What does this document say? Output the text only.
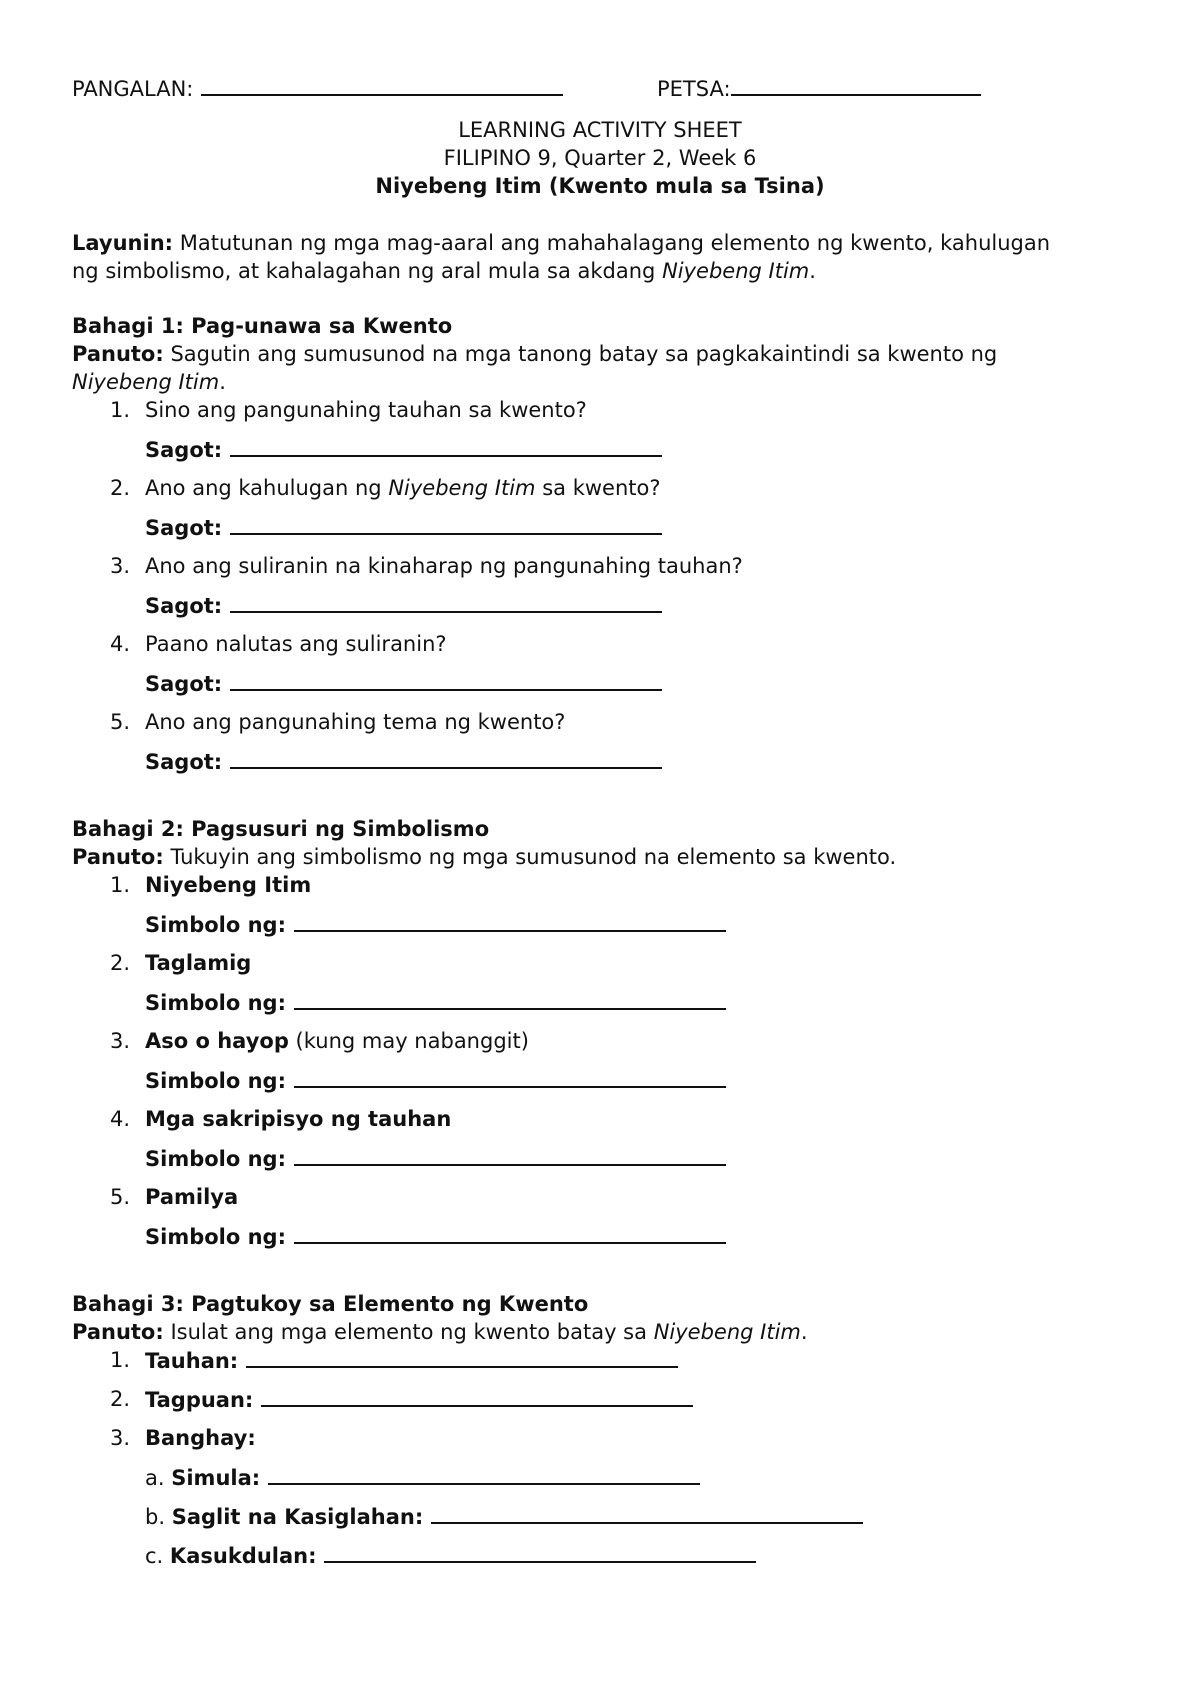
PANGALAN:	PETSA:
LEARNING ACTIVITY SHEET
FILIPINO 9, Quarter 2, Week 6
Niyebeng Itim (Kwento mula sa Tsina)
Layunin: Matutunan ng mga mag-aaral ang mahahalagang elemento ng kwento, kahulugan
ng simbolismo, at kahalagahan ng aral mula sa akdang Niyebeng Itim.
Bahagi 1: Pag-unawa sa Kwento
Panuto: Sagutin ang sumusunod na mga tanong batay sa pagkakaintindi sa kwento ng
Niyebeng Itim.
1. Sino ang pangunahing tauhan sa kwento?
Sagot:
2. Ano ang kahulugan ng Niyebeng Itim sa kwento?
Sagot:
3. Ano ang suliranin na kinaharap ng pangunahing tauhan?
Sagot:
4. Paano nalutas ang suliranin?
Sagot:
5. Ano ang pangunahing tema ng kwento?
Sagot:
Bahagi 2: Pagsusuri ng Simbolismo
Panuto: Tukuyin ang simbolismo ng mga sumusunod na elemento sa kwento.
1. Niyebeng Itim
Simbolo ng:
2. Taglamig
Simbolo ng:
3. Aso o hayop (kung may nabanggit)
Simbolo ng:
4. Mga sakripisyo ng tauhan
Simbolo ng:
5. Pamilya
Simbolo ng:
Bahagi 3: Pagtukoy sa Elemento ng Kwento
Panuto: Isulat ang mga elemento ng kwento batay sa Niyebeng Itim.
1. Tauhan:
2. Tagpuan:
3. Banghay:
a. Simula:
b. Saglit na Kasiglahan:
c. Kasukdulan:
